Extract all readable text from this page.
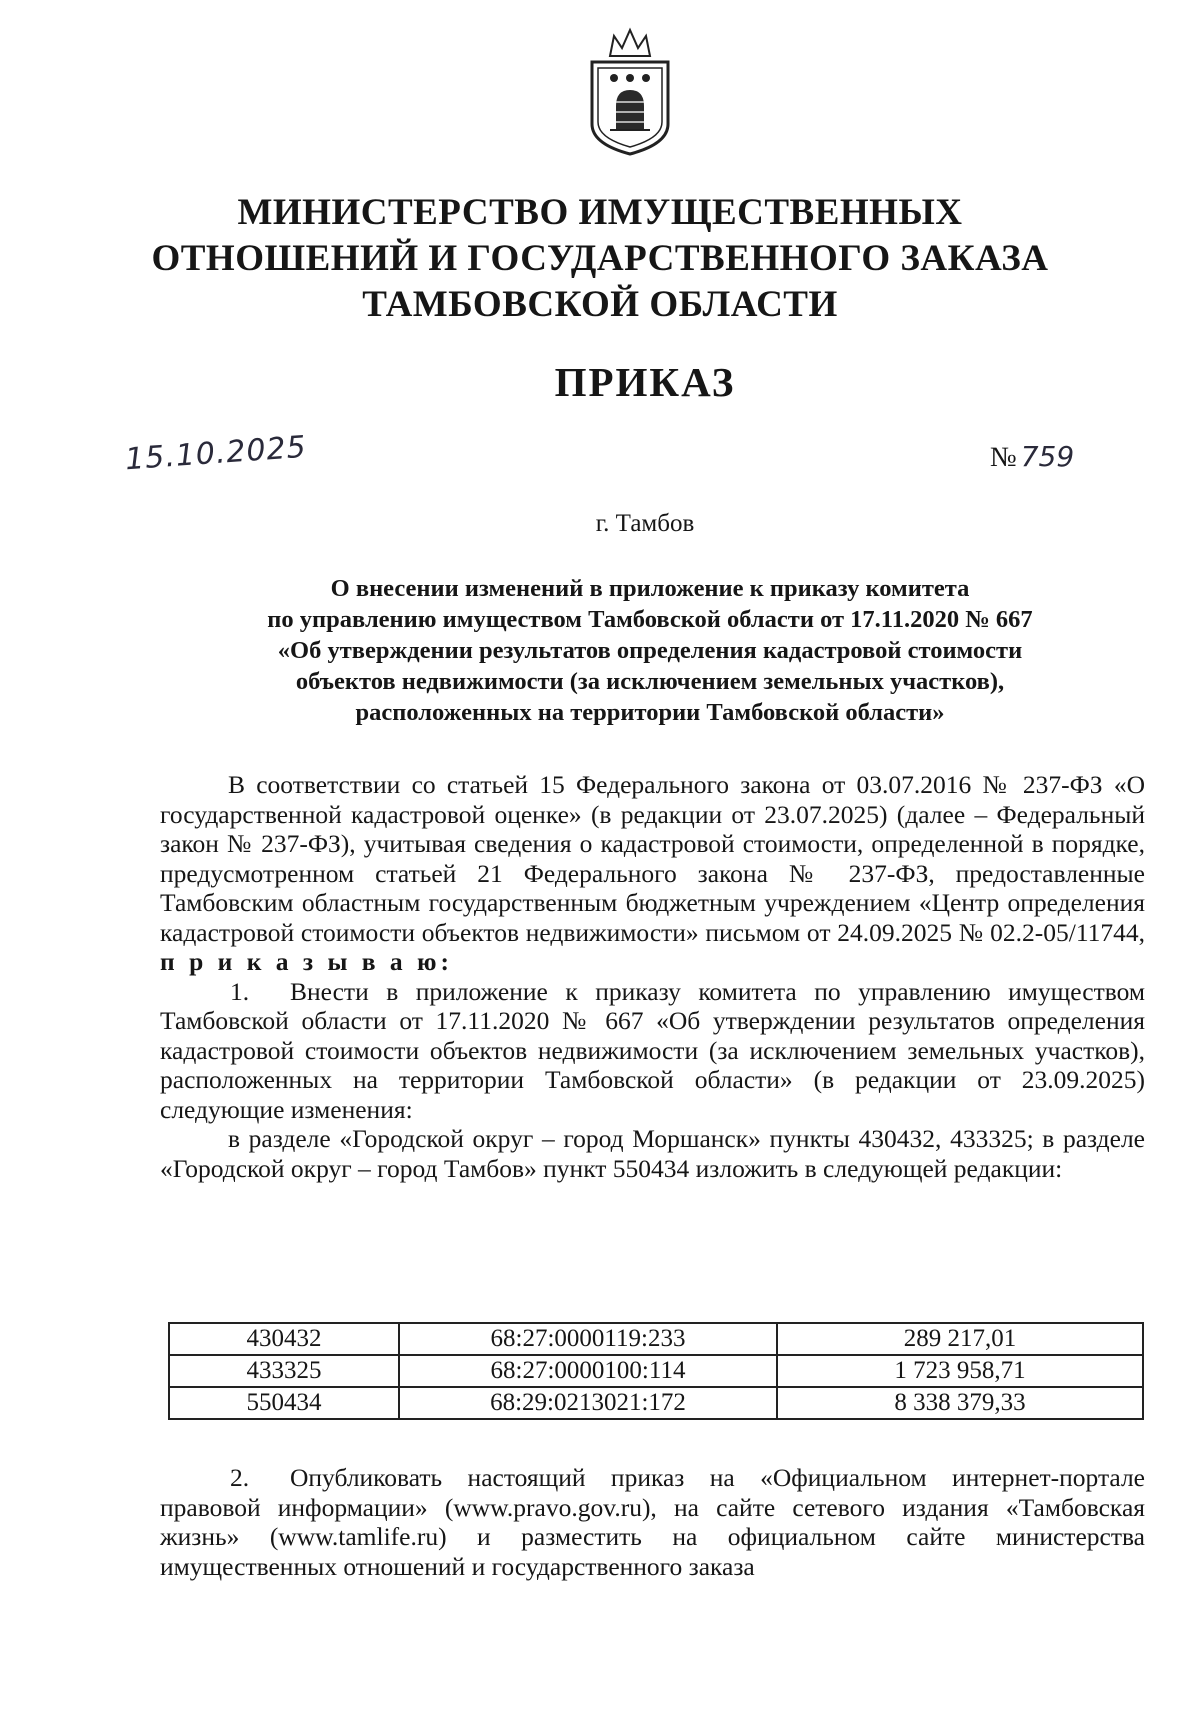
МИНИСТЕРСТВО ИМУЩЕСТВЕННЫХ
ОТНОШЕНИЙ И ГОСУДАРСТВЕННОГО ЗАКАЗА
ТАМБОВСКОЙ ОБЛАСТИ
ПРИКАЗ
15.10.2025	№ 759
г. Тамбов
О внесении изменений в приложение к приказу комитета
по управлению имуществом Тамбовской области от 17.11.2020 № 667
«Об утверждении результатов определения кадастровой стоимости
объектов недвижимости (за исключением земельных участков),
расположенных на территории Тамбовской области»

В соответствии со статьей 15 Федерального закона от 03.07.2016 № 237-ФЗ «О государственной кадастровой оценке» (в редакции от 23.07.2025) (далее – Федеральный закон № 237-ФЗ), учитывая сведения о кадастровой стоимости, определенной в порядке, предусмотренном статьей 21 Федерального закона № 237-ФЗ, предоставленные Тамбовским областным государственным бюджетным учреждением «Центр определения кадастровой стоимости объектов недвижимости» письмом от 24.09.2025 № 02.2-05/11744, п р и к а з ы в а ю:

1. Внести в приложение к приказу комитета по управлению имуществом Тамбовской области от 17.11.2020 № 667 «Об утверждении результатов определения кадастровой стоимости объектов недвижимости (за исключением земельных участков), расположенных на территории Тамбовской области» (в редакции от 23.09.2025) следующие изменения:

в разделе «Городской округ – город Моршанск» пункты 430432, 433325; в разделе «Городской округ – город Тамбов» пункт 550434 изложить в следующей редакции:

430432	68:27:0000119:233	289 217,01
433325	68:27:0000100:114	1 723 958,71
550434	68:29:0213021:172	8 338 379,33

2. Опубликовать настоящий приказ на «Официальном интернет-портале правовой информации» (www.pravo.gov.ru), на сайте сетевого издания «Тамбовская жизнь» (www.tamlife.ru) и разместить на официальном сайте министерства имущественных отношений и государственного заказа
